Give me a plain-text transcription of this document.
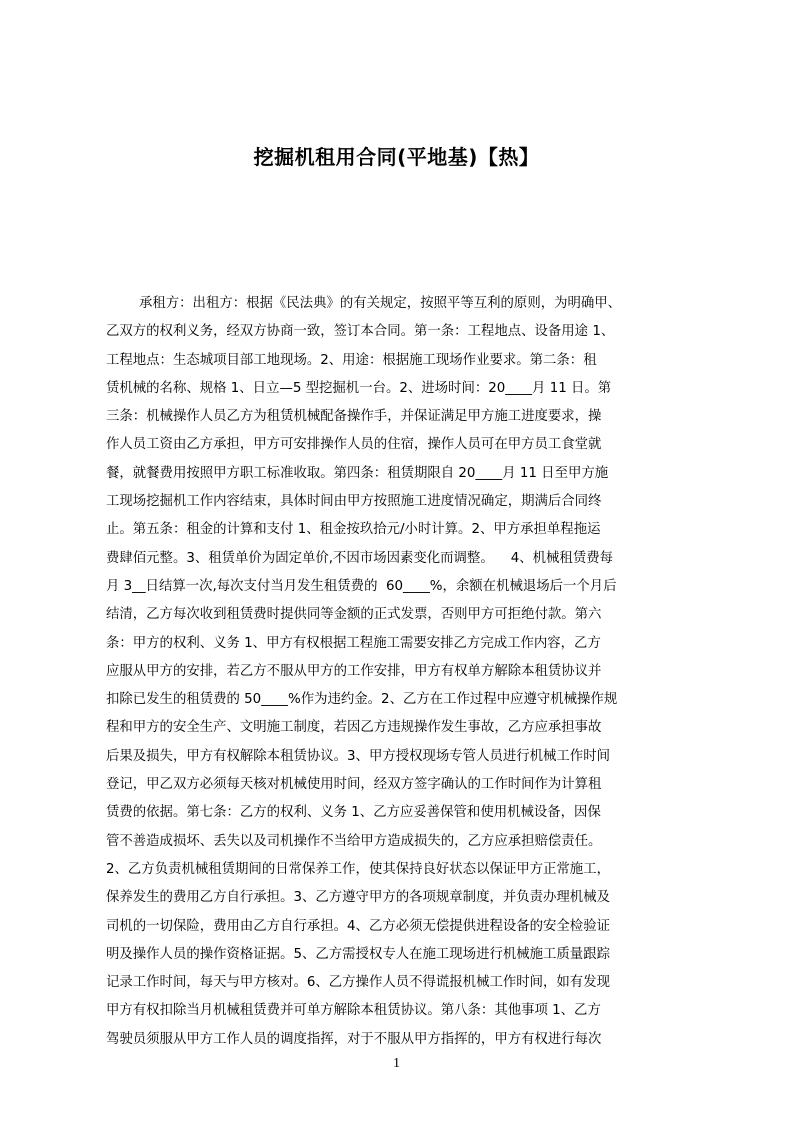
挖掘机租用合同(平地基)【热】

承租方：出租方：根据《民法典》的有关规定，按照平等互利的原则，为明确甲、

乙双方的权利义务，经双方协商一致，签订本合同。第一条：工程地点、设备用途 1、

工程地点：生态城项目部工地现场。2、用途：根据施工现场作业要求。第二条：租

赁机械的名称、规格 1、日立—5 型挖掘机一台。2、进场时间：20____月 11 日。第

三条：机械操作人员乙方为租赁机械配备操作手，并保证满足甲方施工进度要求，操

作人员工资由乙方承担，甲方可安排操作人员的住宿，操作人员可在甲方员工食堂就

餐，就餐费用按照甲方职工标准收取。第四条：租赁期限自 20____月 11 日至甲方施

工现场挖掘机工作内容结束，具体时间由甲方按照施工进度情况确定，期满后合同终

止。第五条：租金的计算和支付 1、租金按玖拾元/小时计算。2、甲方承担单程拖运

费肆佰元整。3、租赁单价为固定单价,不因市场因素变化而调整。    4、机械租赁费每

月 3__日结算一次,每次支付当月发生租赁费的  60____%，余额在机械退场后一个月后

结清，乙方每次收到租赁费时提供同等金额的正式发票，否则甲方可拒绝付款。第六

条：甲方的权利、义务 1、甲方有权根据工程施工需要安排乙方完成工作内容，乙方

应服从甲方的安排，若乙方不服从甲方的工作安排，甲方有权单方解除本租赁协议并

扣除已发生的租赁费的 50____%作为违约金。2、乙方在工作过程中应遵守机械操作规

程和甲方的安全生产、文明施工制度，若因乙方违规操作发生事故，乙方应承担事故

后果及损失，甲方有权解除本租赁协议。3、甲方授权现场专管人员进行机械工作时间

登记，甲乙双方必须每天核对机械使用时间，经双方签字确认的工作时间作为计算租

赁费的依据。第七条：乙方的权利、义务 1、乙方应妥善保管和使用机械设备，因保

管不善造成损坏、丢失以及司机操作不当给甲方造成损失的，乙方应承担赔偿责任。

2、乙方负责机械租赁期间的日常保养工作，使其保持良好状态以保证甲方正常施工，

保养发生的费用乙方自行承担。3、乙方遵守甲方的各项规章制度，并负责办理机械及

司机的一切保险，费用由乙方自行承担。4、乙方必须无偿提供进程设备的安全检验证

明及操作人员的操作资格证据。5、乙方需授权专人在施工现场进行机械施工质量跟踪

记录工作时间，每天与甲方核对。6、乙方操作人员不得谎报机械工作时间，如有发现

甲方有权扣除当月机械租赁费并可单方解除本租赁协议。第八条：其他事项 1、乙方

驾驶员须服从甲方工作人员的调度指挥，对于不服从甲方指挥的，甲方有权进行每次

1
